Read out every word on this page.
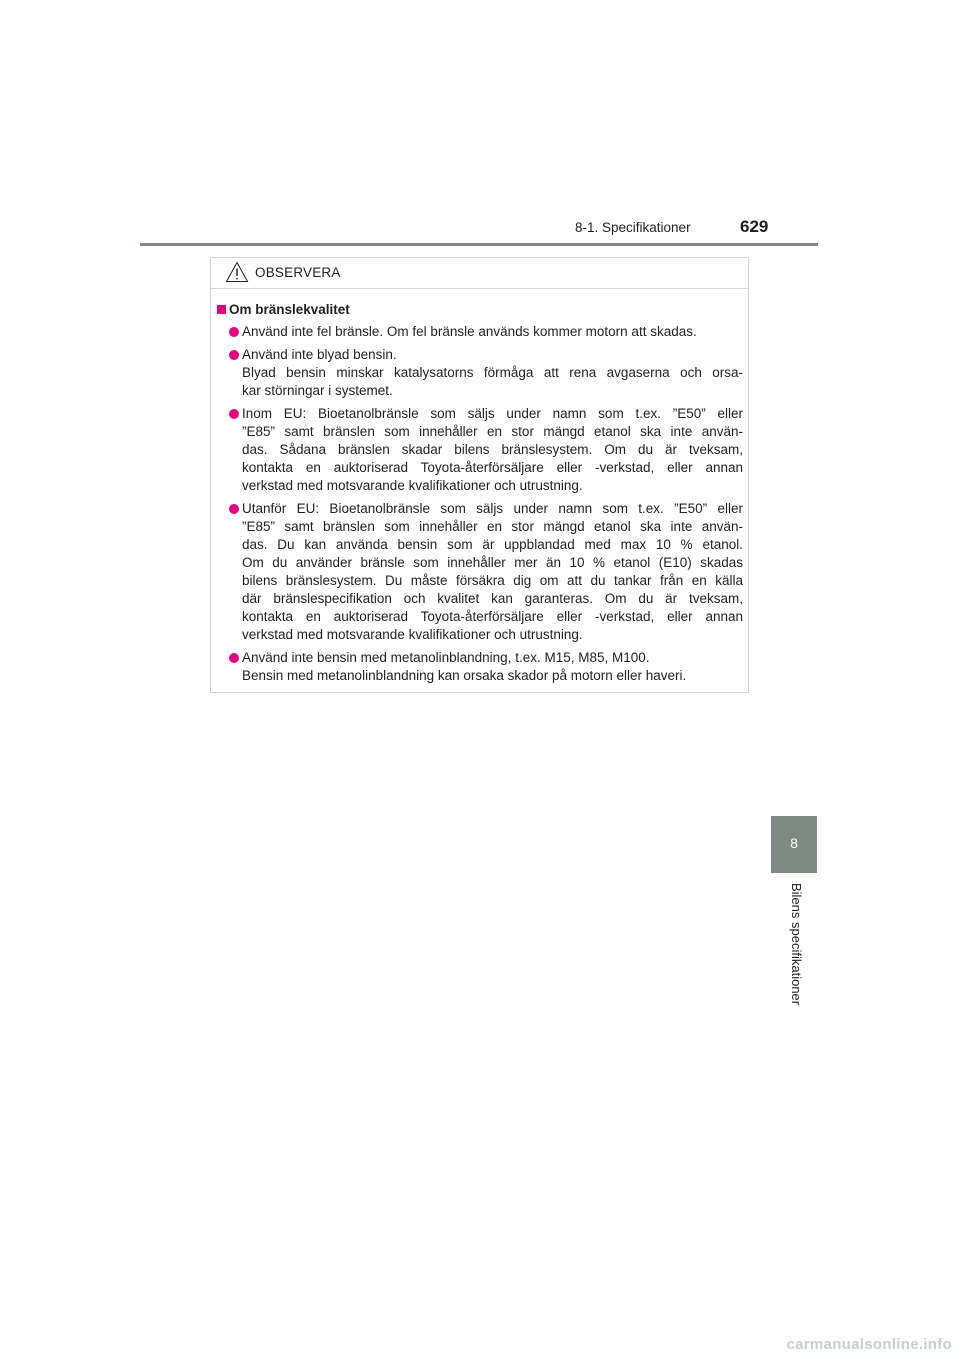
8-1. Specifikationer	629
OBSERVERA
Om bränslekvalitet
Använd inte fel bränsle. Om fel bränsle används kommer motorn att skadas.
Använd inte blyad bensin.
Blyad bensin minskar katalysatorns förmåga att rena avgaserna och orsa-
kar störningar i systemet.
Inom EU: Bioetanolbränsle som säljs under namn som t.ex. ”E50” eller
”E85” samt bränslen som innehåller en stor mängd etanol ska inte använ-
das. Sådana bränslen skadar bilens bränslesystem. Om du är tveksam,
kontakta en auktoriserad Toyota-återförsäljare eller -verkstad, eller annan
verkstad med motsvarande kvalifikationer och utrustning.
Utanför EU: Bioetanolbränsle som säljs under namn som t.ex. ”E50” eller
”E85” samt bränslen som innehåller en stor mängd etanol ska inte använ-
das. Du kan använda bensin som är uppblandad med max 10 % etanol.
Om du använder bränsle som innehåller mer än 10 % etanol (E10) skadas
bilens bränslesystem. Du måste försäkra dig om att du tankar från en källa
där bränslespecifikation och kvalitet kan garanteras. Om du är tveksam,
kontakta en auktoriserad Toyota-återförsäljare eller -verkstad, eller annan
verkstad med motsvarande kvalifikationer och utrustning.
Använd inte bensin med metanolinblandning, t.ex. M15, M85, M100.
Bensin med metanolinblandning kan orsaka skador på motorn eller haveri.
8
Bilens specifikationer
carmanualsonline.info
